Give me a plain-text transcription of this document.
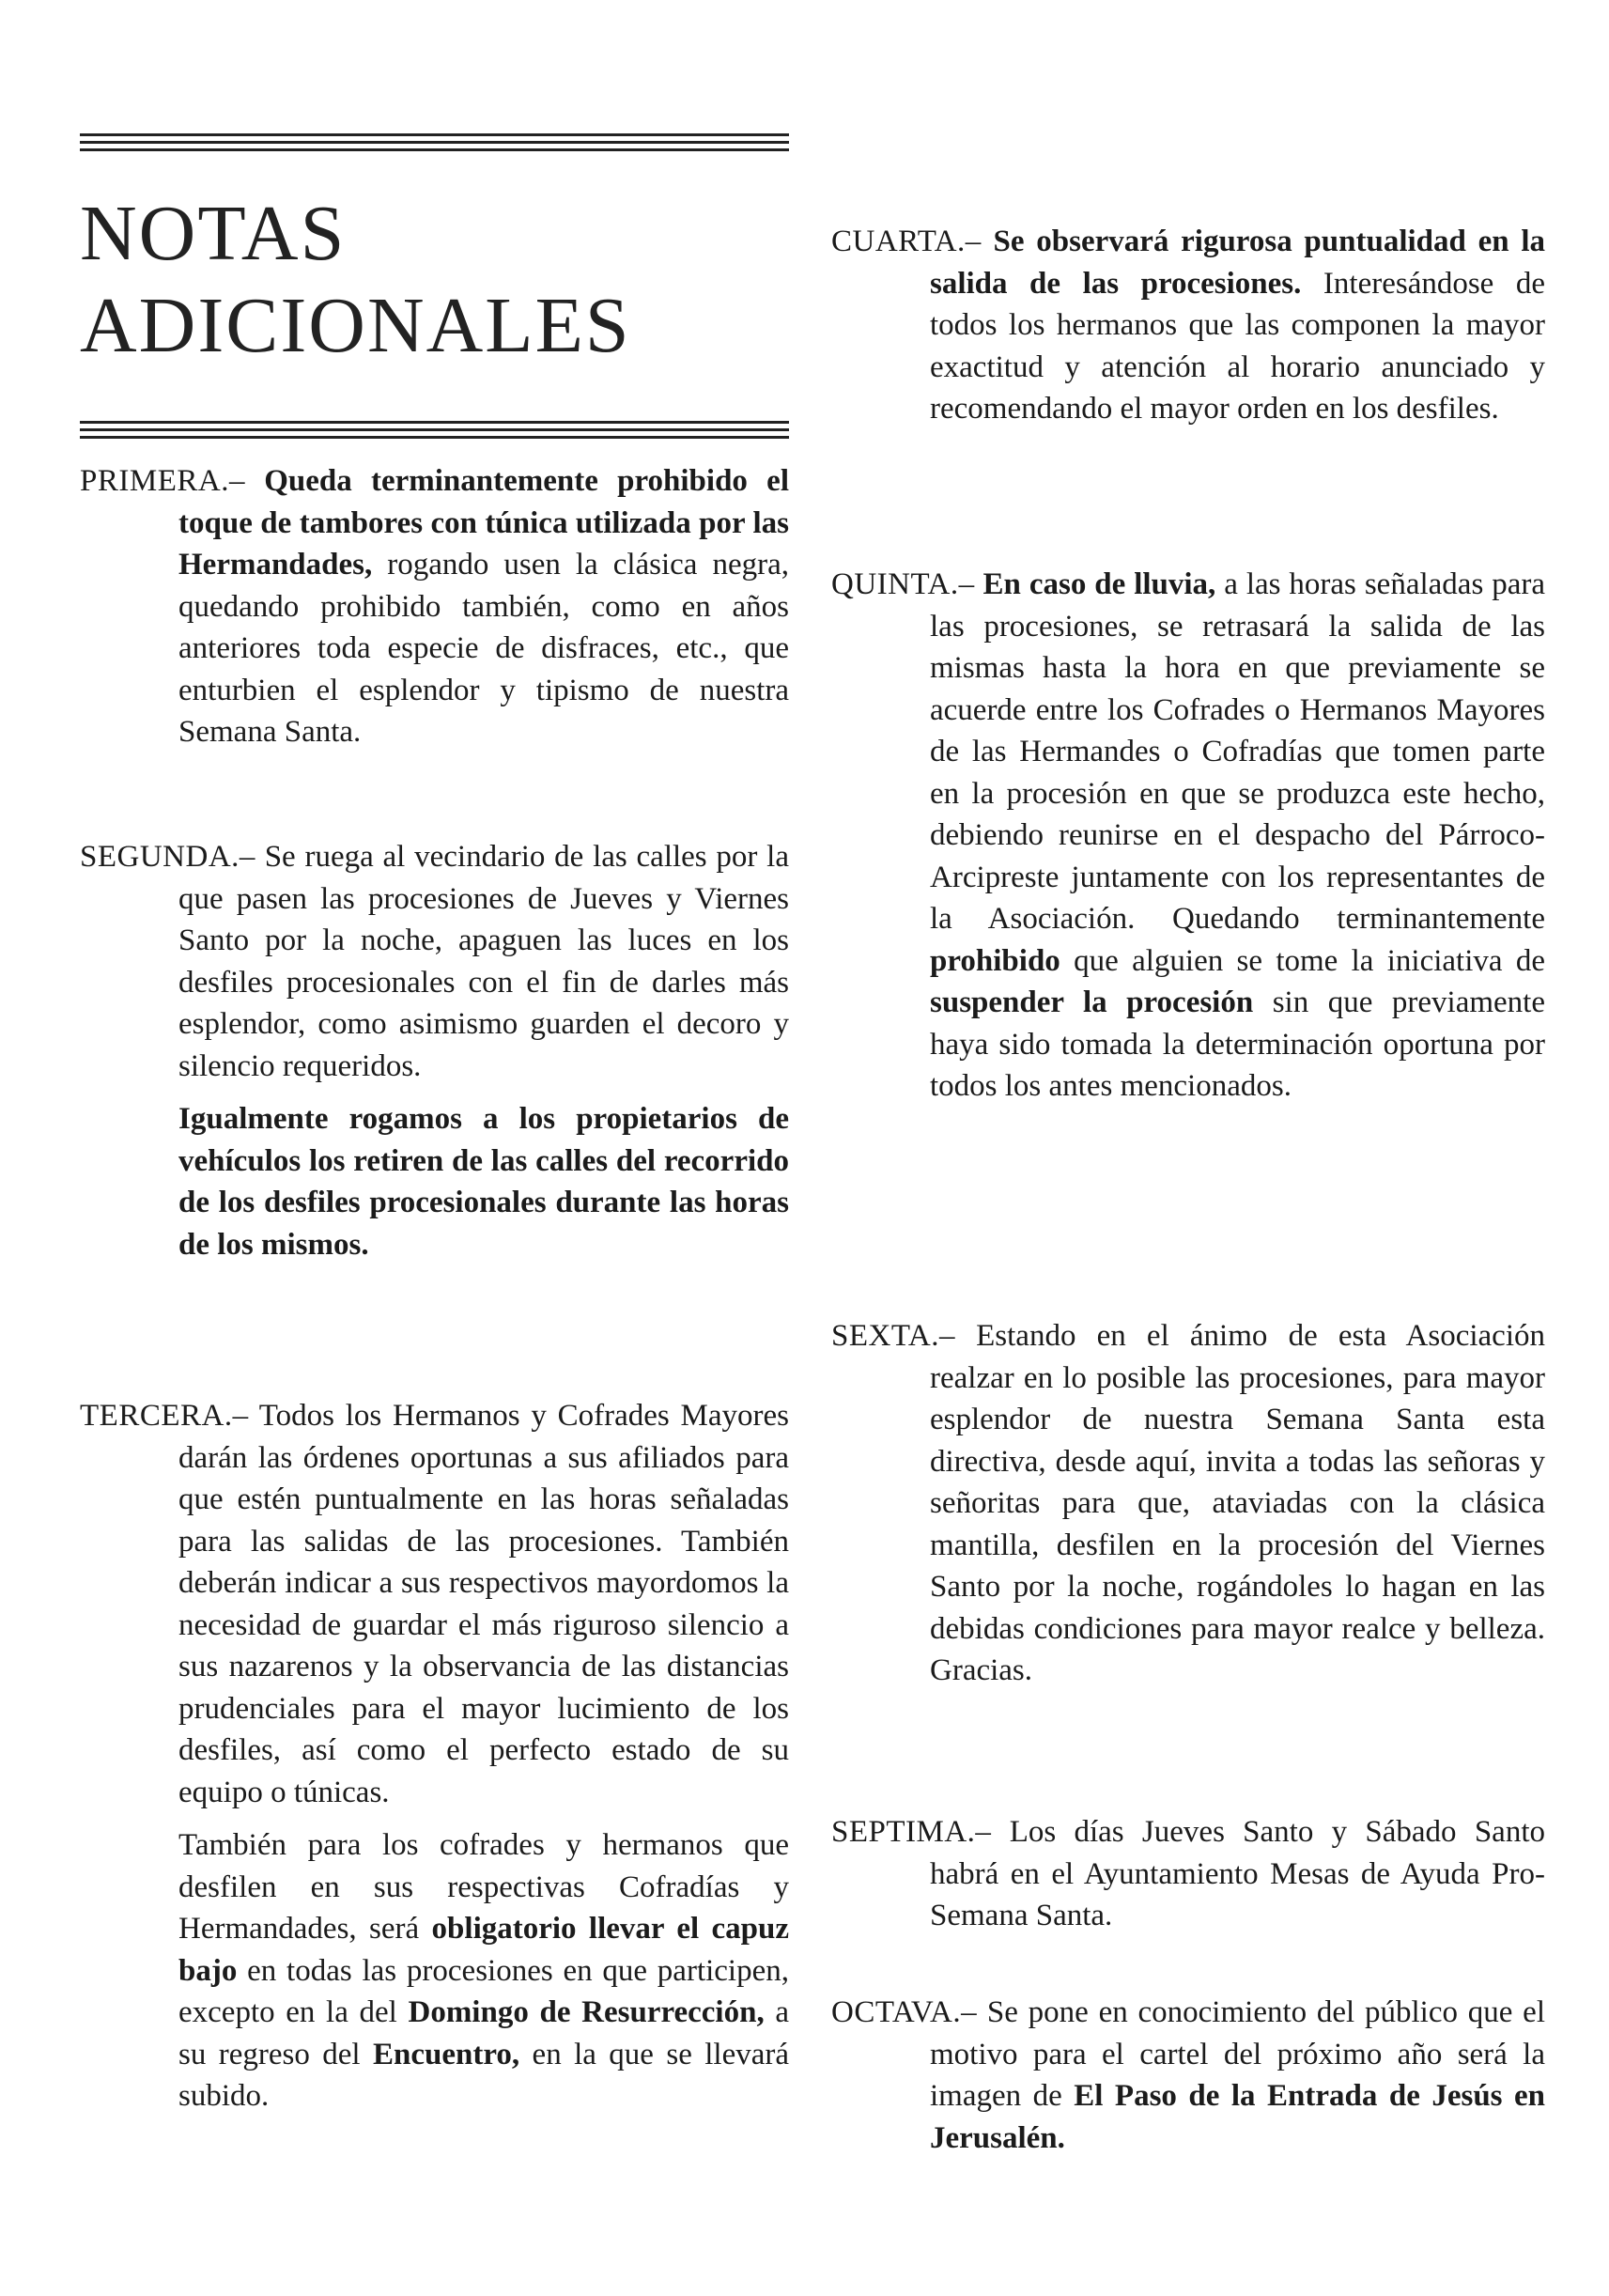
NOTAS
ADICIONALES

PRIMERA.– Queda terminantemente prohibido el toque de tambores con túnica utilizada por las Hermandades, rogando usen la clásica negra, quedando prohibido también, como en años anteriores toda especie de disfraces, etc., que enturbien el esplendor y tipismo de nuestra Semana Santa.

SEGUNDA.– Se ruega al vecindario de las calles por la que pasen las procesiones de Jueves y Viernes Santo por la noche, apaguen las luces en los desfiles procesionales con el fin de darles más esplendor, como asimismo guarden el decoro y silencio requeridos.

Igualmente rogamos a los propietarios de vehículos los retiren de las calles del recorrido de los desfiles procesionales durante las horas de los mismos.

TERCERA.– Todos los Hermanos y Cofrades Mayores darán las órdenes oportunas a sus afiliados para que estén puntualmente en las horas señaladas para las salidas de las procesiones. También deberán indicar a sus respectivos mayordomos la necesidad de guardar el más riguroso silencio a sus nazarenos y la observancia de las distancias prudenciales para el mayor lucimiento de los desfiles, así como el perfecto estado de su equipo o túnicas.

También para los cofrades y hermanos que desfilen en sus respectivas Cofradías y Hermandades, será obligatorio llevar el capuz bajo en todas las procesiones en que participen, excepto en la del Domingo de Resurrección, a su regreso del Encuentro, en la que se llevará subido.

CUARTA.– Se observará rigurosa puntualidad en la salida de las procesiones. Interesándose de todos los hermanos que las componen la mayor exactitud y atención al horario anunciado y recomendando el mayor orden en los desfiles.

QUINTA.– En caso de lluvia, a las horas señaladas para las procesiones, se retrasará la salida de las mismas hasta la hora en que previamente se acuerde entre los Cofrades o Hermanos Mayores de las Hermandes o Cofradías que tomen parte en la procesión en que se produzca este hecho, debiendo reunirse en el despacho del Párroco-Arcipreste juntamente con los representantes de la Asociación. Quedando terminantemente prohibido que alguien se tome la iniciativa de suspender la procesión sin que previamente haya sido tomada la determinación oportuna por todos los antes mencionados.

SEXTA.– Estando en el ánimo de esta Asociación realzar en lo posible las procesiones, para mayor esplendor de nuestra Semana Santa esta directiva, desde aquí, invita a todas las señoras y señoritas para que, ataviadas con la clásica mantilla, desfilen en la procesión del Viernes Santo por la noche, rogándoles lo hagan en las debidas condiciones para mayor realce y belleza. Gracias.

SEPTIMA.– Los días Jueves Santo y Sábado Santo habrá en el Ayuntamiento Mesas de Ayuda Pro-Semana Santa.

OCTAVA.– Se pone en conocimiento del público que el motivo para el cartel del próximo año será la imagen de El Paso de la Entrada de Jesús en Jerusalén.
